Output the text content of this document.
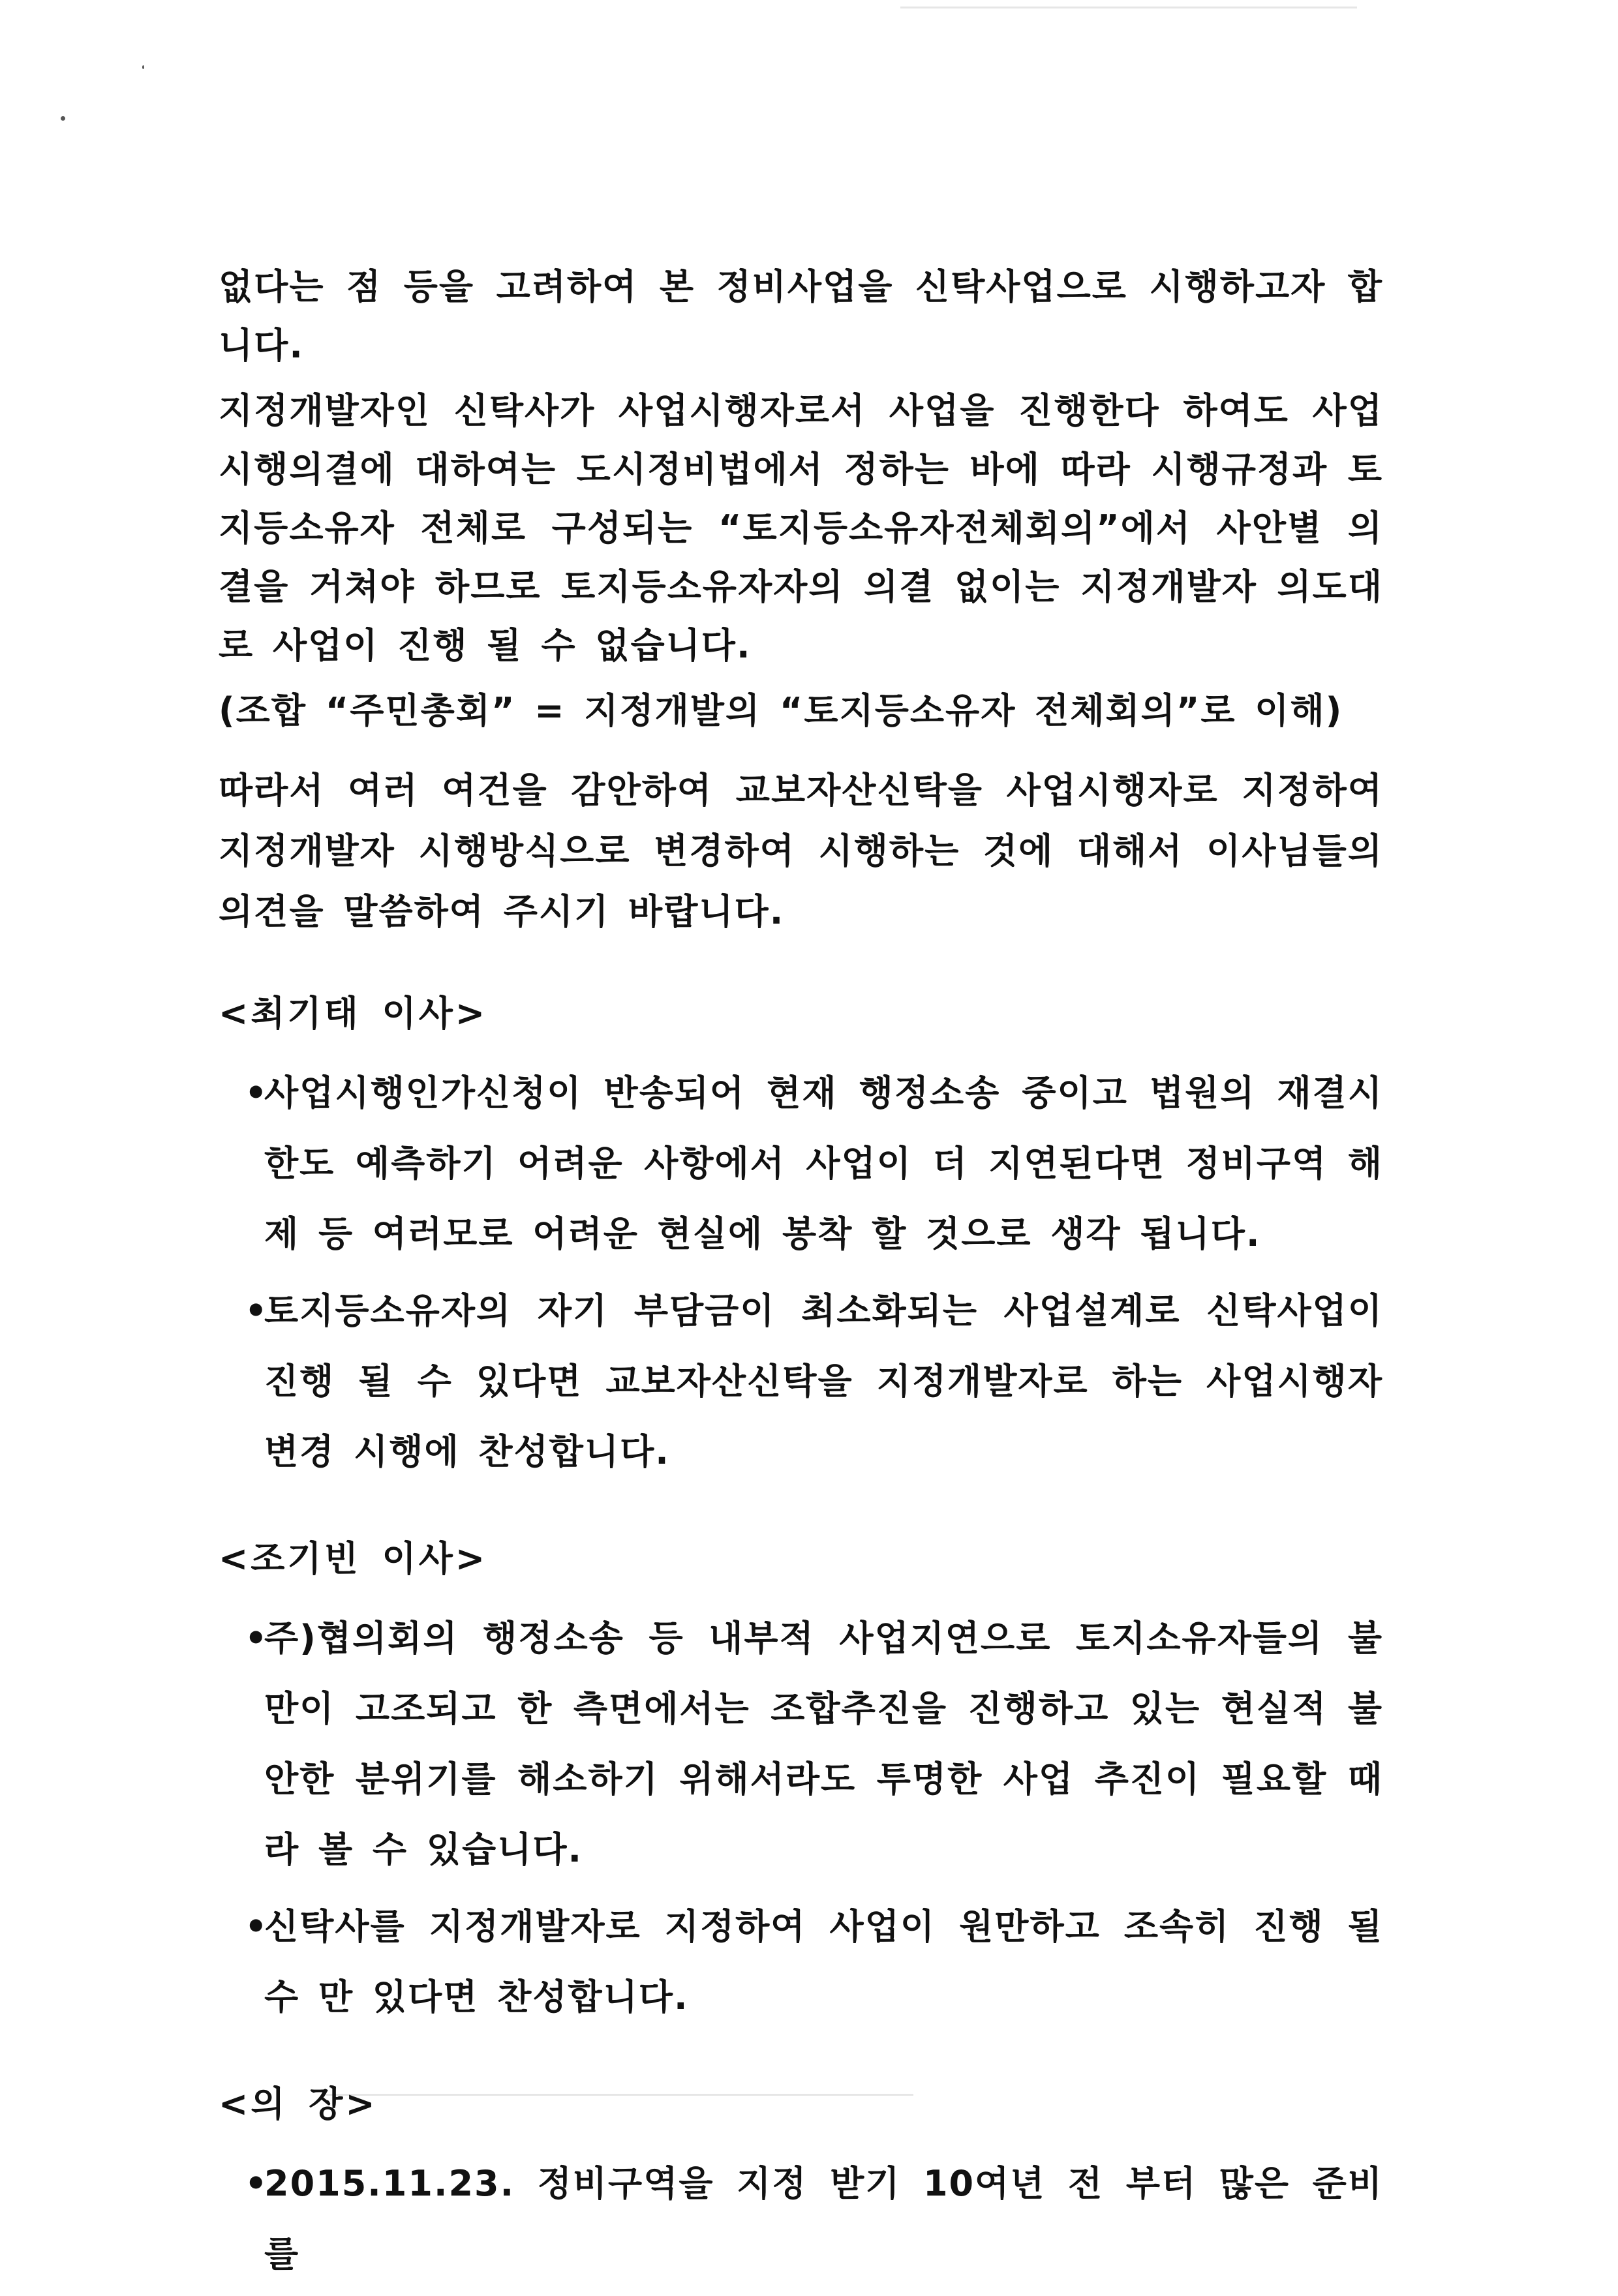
없다는 점 등을 고려하여 본 정비사업을 신탁사업으로 시행하고자 합니다.

지정개발자인 신탁사가 사업시행자로서 사업을 진행한다 하여도 사업시행의결에 대하여는 도시정비법에서 정하는 바에 따라 시행규정과 토지등소유자 전체로 구성되는 “토지등소유자전체회의”에서 사안별 의결을 거쳐야 하므로 토지등소유자자의 의결 없이는 지정개발자 의도대로 사업이 진행 될 수 없습니다.

(조합 “주민총회” = 지정개발의 “토지등소유자 전체회의”로 이해)

따라서 여러 여건을 감안하여 교보자산신탁을 사업시행자로 지정하여 지정개발자 시행방식으로 변경하여 시행하는 것에 대해서 이사님들의 의견을 말씀하여 주시기 바랍니다.

<최기태 이사>
•
사업시행인가신청이 반송되어 현재 행정소송 중이고 법원의 재결시한도 예측하기 어려운 사항에서 사업이 더 지연된다면 정비구역 해제 등 여러모로 어려운 현실에 봉착 할 것으로 생각 됩니다.
•
토지등소유자의 자기 부담금이 최소화되는 사업설계로 신탁사업이 진행 될 수 있다면 교보자산신탁을 지정개발자로 하는 사업시행자 변경 시행에 찬성합니다.
<조기빈 이사>
•
주)협의회의 행정소송 등 내부적 사업지연으로 토지소유자들의 불만이 고조되고 한 측면에서는 조합추진을 진행하고 있는 현실적 불안한 분위기를 해소하기 위해서라도 투명한 사업 추진이 필요할 때라 볼 수 있습니다.
•
신탁사를 지정개발자로 지정하여 사업이 원만하고 조속히 진행 될 수 만 있다면 찬성합니다.
<의 장>
•
2015.11.23. 정비구역을 지정 받기 10여년 전 부터 많은 준비를
